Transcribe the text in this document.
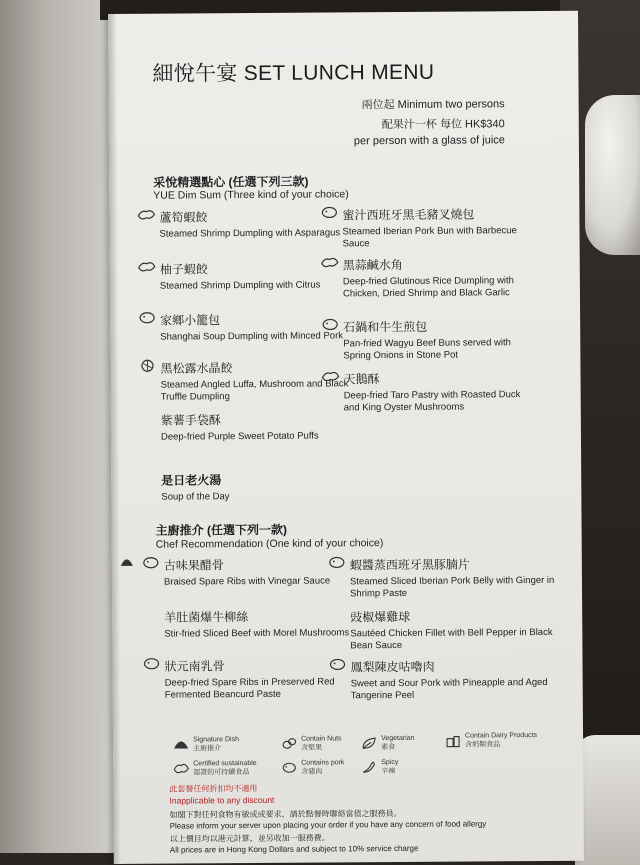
細悅午宴 SET LUNCH MENU
兩位起 Minimum two persons
配果汁一杯 每位 HK$340
per person with a glass of juice
采悅精選點心 (任選下列三款)
YUE Dim Sum (Three kind of your choice)
蘆筍蝦餃
Steamed Shrimp Dumpling with Asparagus
柚子蝦餃
Steamed Shrimp Dumpling with Citrus
家鄉小籠包
Shanghai Soup Dumpling with Minced Pork
黑松露水晶餃
Steamed Angled Luffa, Mushroom and Black Truffle Dumpling
紫薯手袋酥
Deep-fried Purple Sweet Potato Puffs
蜜汁西班牙黑毛豬叉燒包
Steamed Iberian Pork Bun with Barbecue Sauce
黑蒜鹹水角
Deep-fried Glutinous Rice Dumpling with Chicken, Dried Shrimp and Black Garlic
石鍋和牛生煎包
Pan-fried Wagyu Beef Buns served with Spring Onions in Stone Pot
天鵝酥
Deep-fried Taro Pastry with Roasted Duck and King Oyster Mushrooms
是日老火湯
Soup of the Day
主廚推介 (任選下列一款)
Chef Recommendation (One kind of your choice)
古味果醋骨
Braised Spare Ribs with Vinegar Sauce
羊肚菌爆牛柳絲
Stir-fried Sliced Beef with Morel Mushrooms
狀元南乳骨
Deep-fried Spare Ribs in Preserved Red Fermented Beancurd Paste
蝦醬蒸西班牙黑豚腩片
Steamed Sliced Iberian Pork Belly with Ginger in Shrimp Paste
豉椒爆雞球
Sautéed Chicken Fillet with Bell Pepper in Black Bean Sauce
鳳梨陳皮咕嚕肉
Sweet and Sour Pork with Pineapple and Aged Tangerine Peel
Signature Dish
主廚推介
Certified sustainable
認證的可持續食品
Contain Nuts
含堅果
Contains pork
含豬肉
Vegetarian
素食
Spicy
辛辣
Contain Dairy Products
含奶類食品
此套餐任何折扣均不適用
Inapplicable to any discount
如閣下對任何食物有敏或或要求，請於點餐時聯絡當值之服務員。
Please inform your server upon placing your order if you have any concern of food allergy
以上價目均以港元計算，並另收加一服務費。
All prices are in Hong Kong Dollars and subject to 10% service charge
